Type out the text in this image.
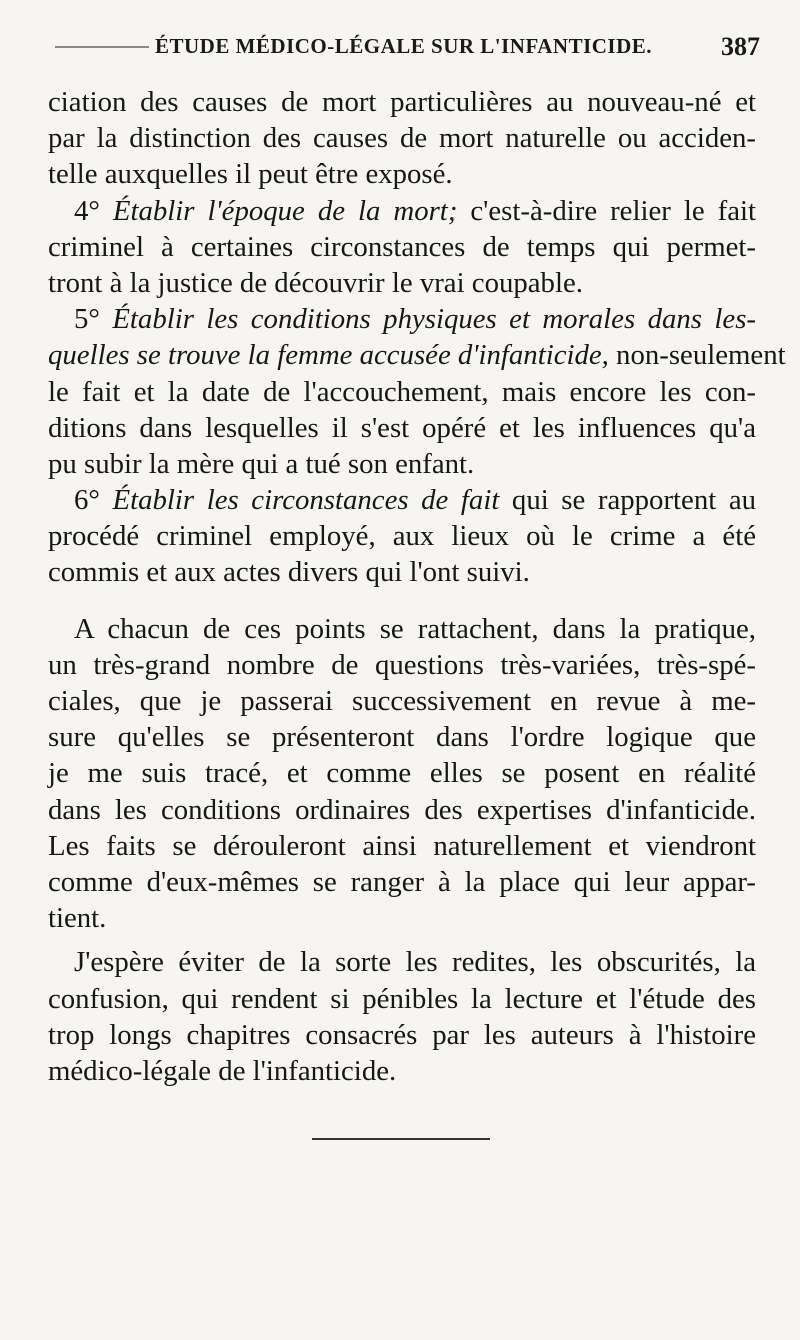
ÉTUDE MÉDICO-LÉGALE SUR L'INFANTICIDE.	387
ciation des causes de mort particulières au nouveau-né et
par la distinction des causes de mort naturelle ou acciden-
telle auxquelles il peut être exposé.
4° Établir l'époque de la mort; c'est-à-dire relier le fait
criminel à certaines circonstances de temps qui permet-
tront à la justice de découvrir le vrai coupable.
5° Établir les conditions physiques et morales dans les-
quelles se trouve la femme accusée d'infanticide, non-seulement
le fait et la date de l'accouchement, mais encore les con-
ditions dans lesquelles il s'est opéré et les influences qu'a
pu subir la mère qui a tué son enfant.
6° Établir les circonstances de fait qui se rapportent au
procédé criminel employé, aux lieux où le crime a été
commis et aux actes divers qui l'ont suivi.
A chacun de ces points se rattachent, dans la pratique,
un très-grand nombre de questions très-variées, très-spé-
ciales, que je passerai successivement en revue à me-
sure qu'elles se présenteront dans l'ordre logique que
je me suis tracé, et comme elles se posent en réalité
dans les conditions ordinaires des expertises d'infanticide.
Les faits se dérouleront ainsi naturellement et viendront
comme d'eux-mêmes se ranger à la place qui leur appar-
tient.
J'espère éviter de la sorte les redites, les obscurités, la
confusion, qui rendent si pénibles la lecture et l'étude des
trop longs chapitres consacrés par les auteurs à l'histoire
médico-légale de l'infanticide.
